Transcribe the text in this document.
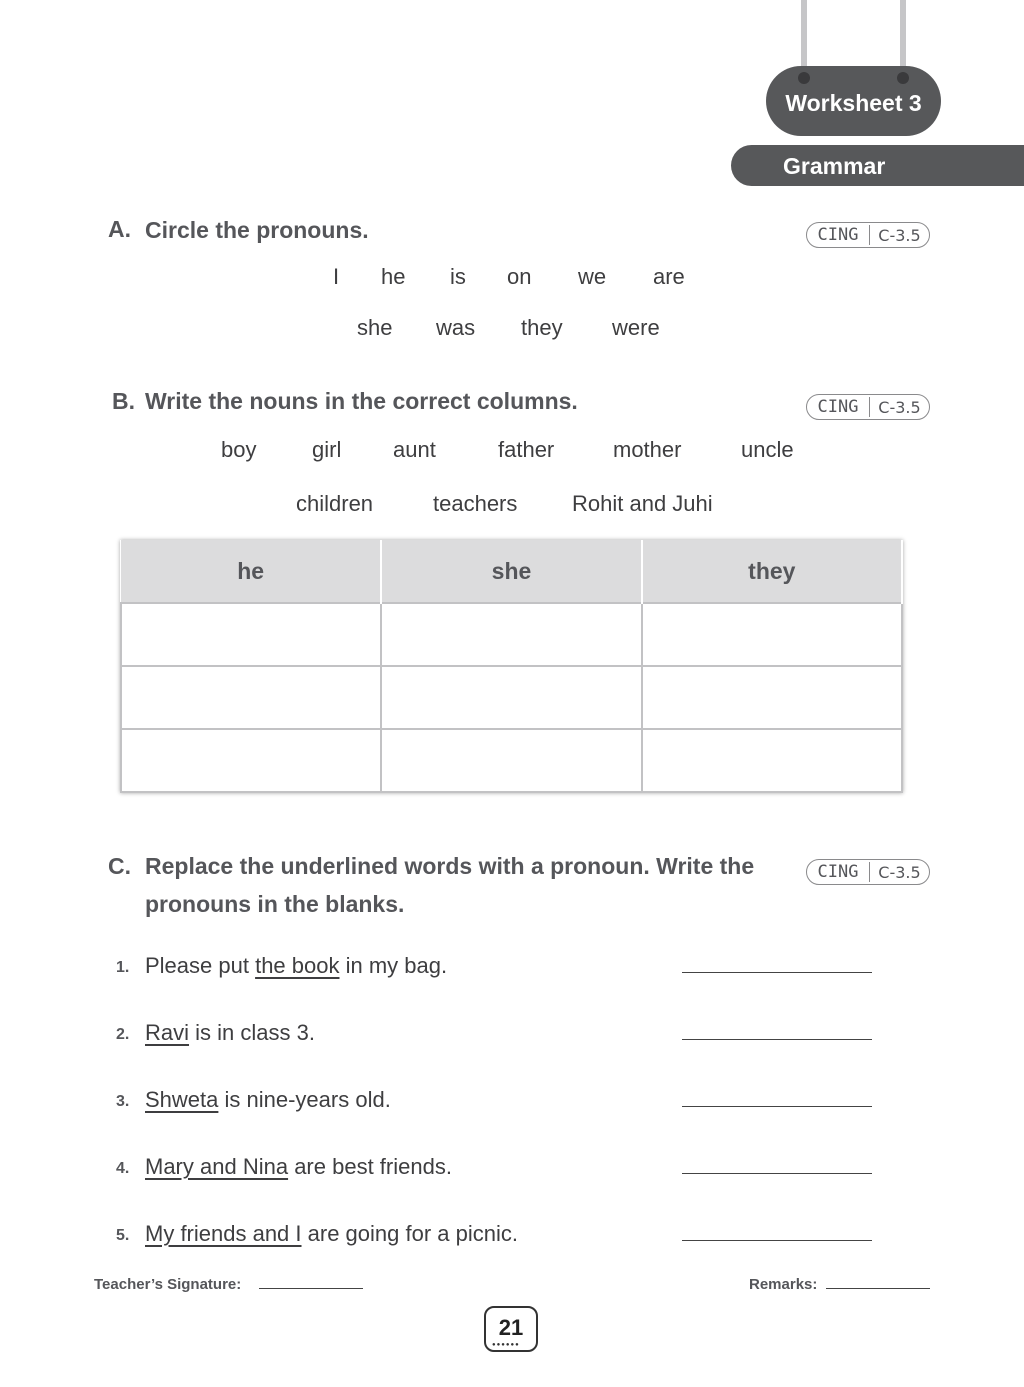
Worksheet 3
Grammar
A. Circle the pronouns.	CING	C-3.5
I he is on we are
she was they were
B. Write the nouns in the correct columns.	CING	C-3.5
boy	girl aunt	father	mother	uncle
children	teachers Rohit and Juhi
he	she	they

C. Replace the underlined words with a pronoun. Write the
pronouns in the blanks.
CING	C-3.5
1. Please put the book in my bag.
2. Ravi is in class 3.
3. Shweta is nine-years old.
4. Mary and Nina are best friends.
5. My friends and I are going for a picnic.
Teacher’s Signature:	Remarks:
21
●●●●●●
